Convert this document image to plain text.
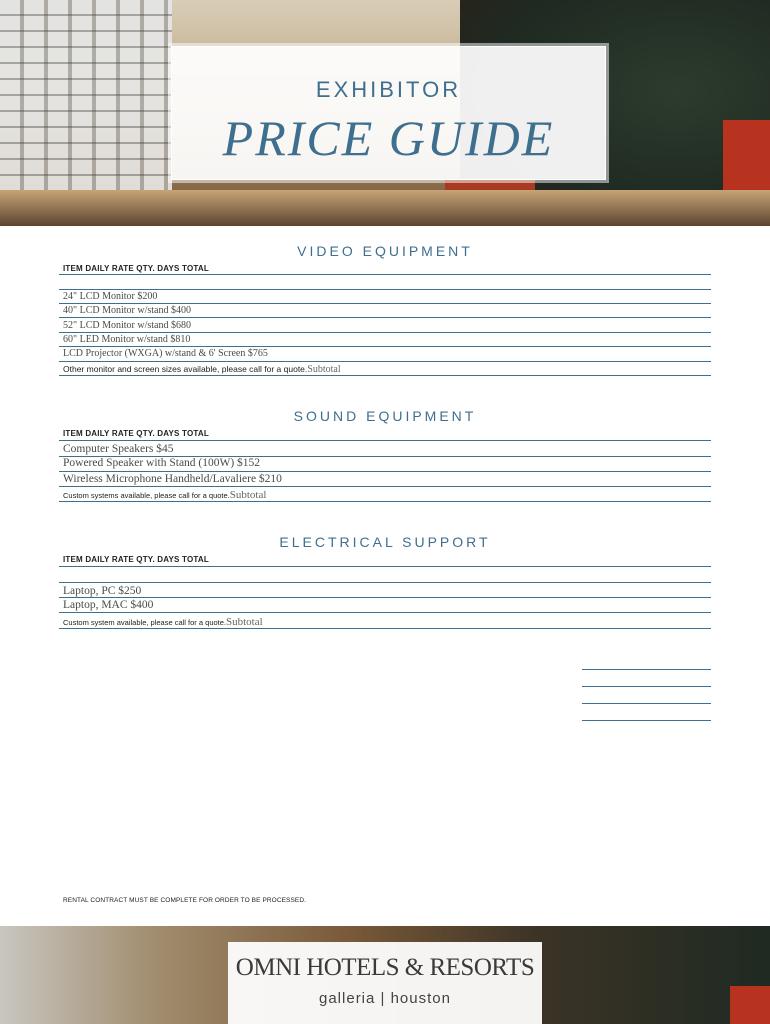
EXHIBITOR
PRICE GUIDE
VIDEO EQUIPMENT
ITEM DAILY RATE QTY. DAYS TOTAL
24" LCD Monitor $200
40" LCD Monitor w/stand $400
52" LCD Monitor w/stand $680
60" LED Monitor w/stand $810
LCD Projector (WXGA) w/stand & 6' Screen $765
Other monitor and screen sizes available, please call for a quote.Subtotal
SOUND EQUIPMENT
ITEM DAILY RATE QTY. DAYS TOTAL
Computer Speakers $45
Powered Speaker with Stand (100W) $152
Wireless Microphone Handheld/Lavaliere $210
Custom systems available, please call for a quote.Subtotal
ELECTRICAL SUPPORT
ITEM DAILY RATE QTY. DAYS TOTAL
Laptop, PC $250
Laptop, MAC $400
Custom system available, please call for a quote.Subtotal
RENTAL CONTRACT MUST BE COMPLETE FOR ORDER TO BE PROCESSED.
OMNI HOTELS & RESORTS
galleria | houston
